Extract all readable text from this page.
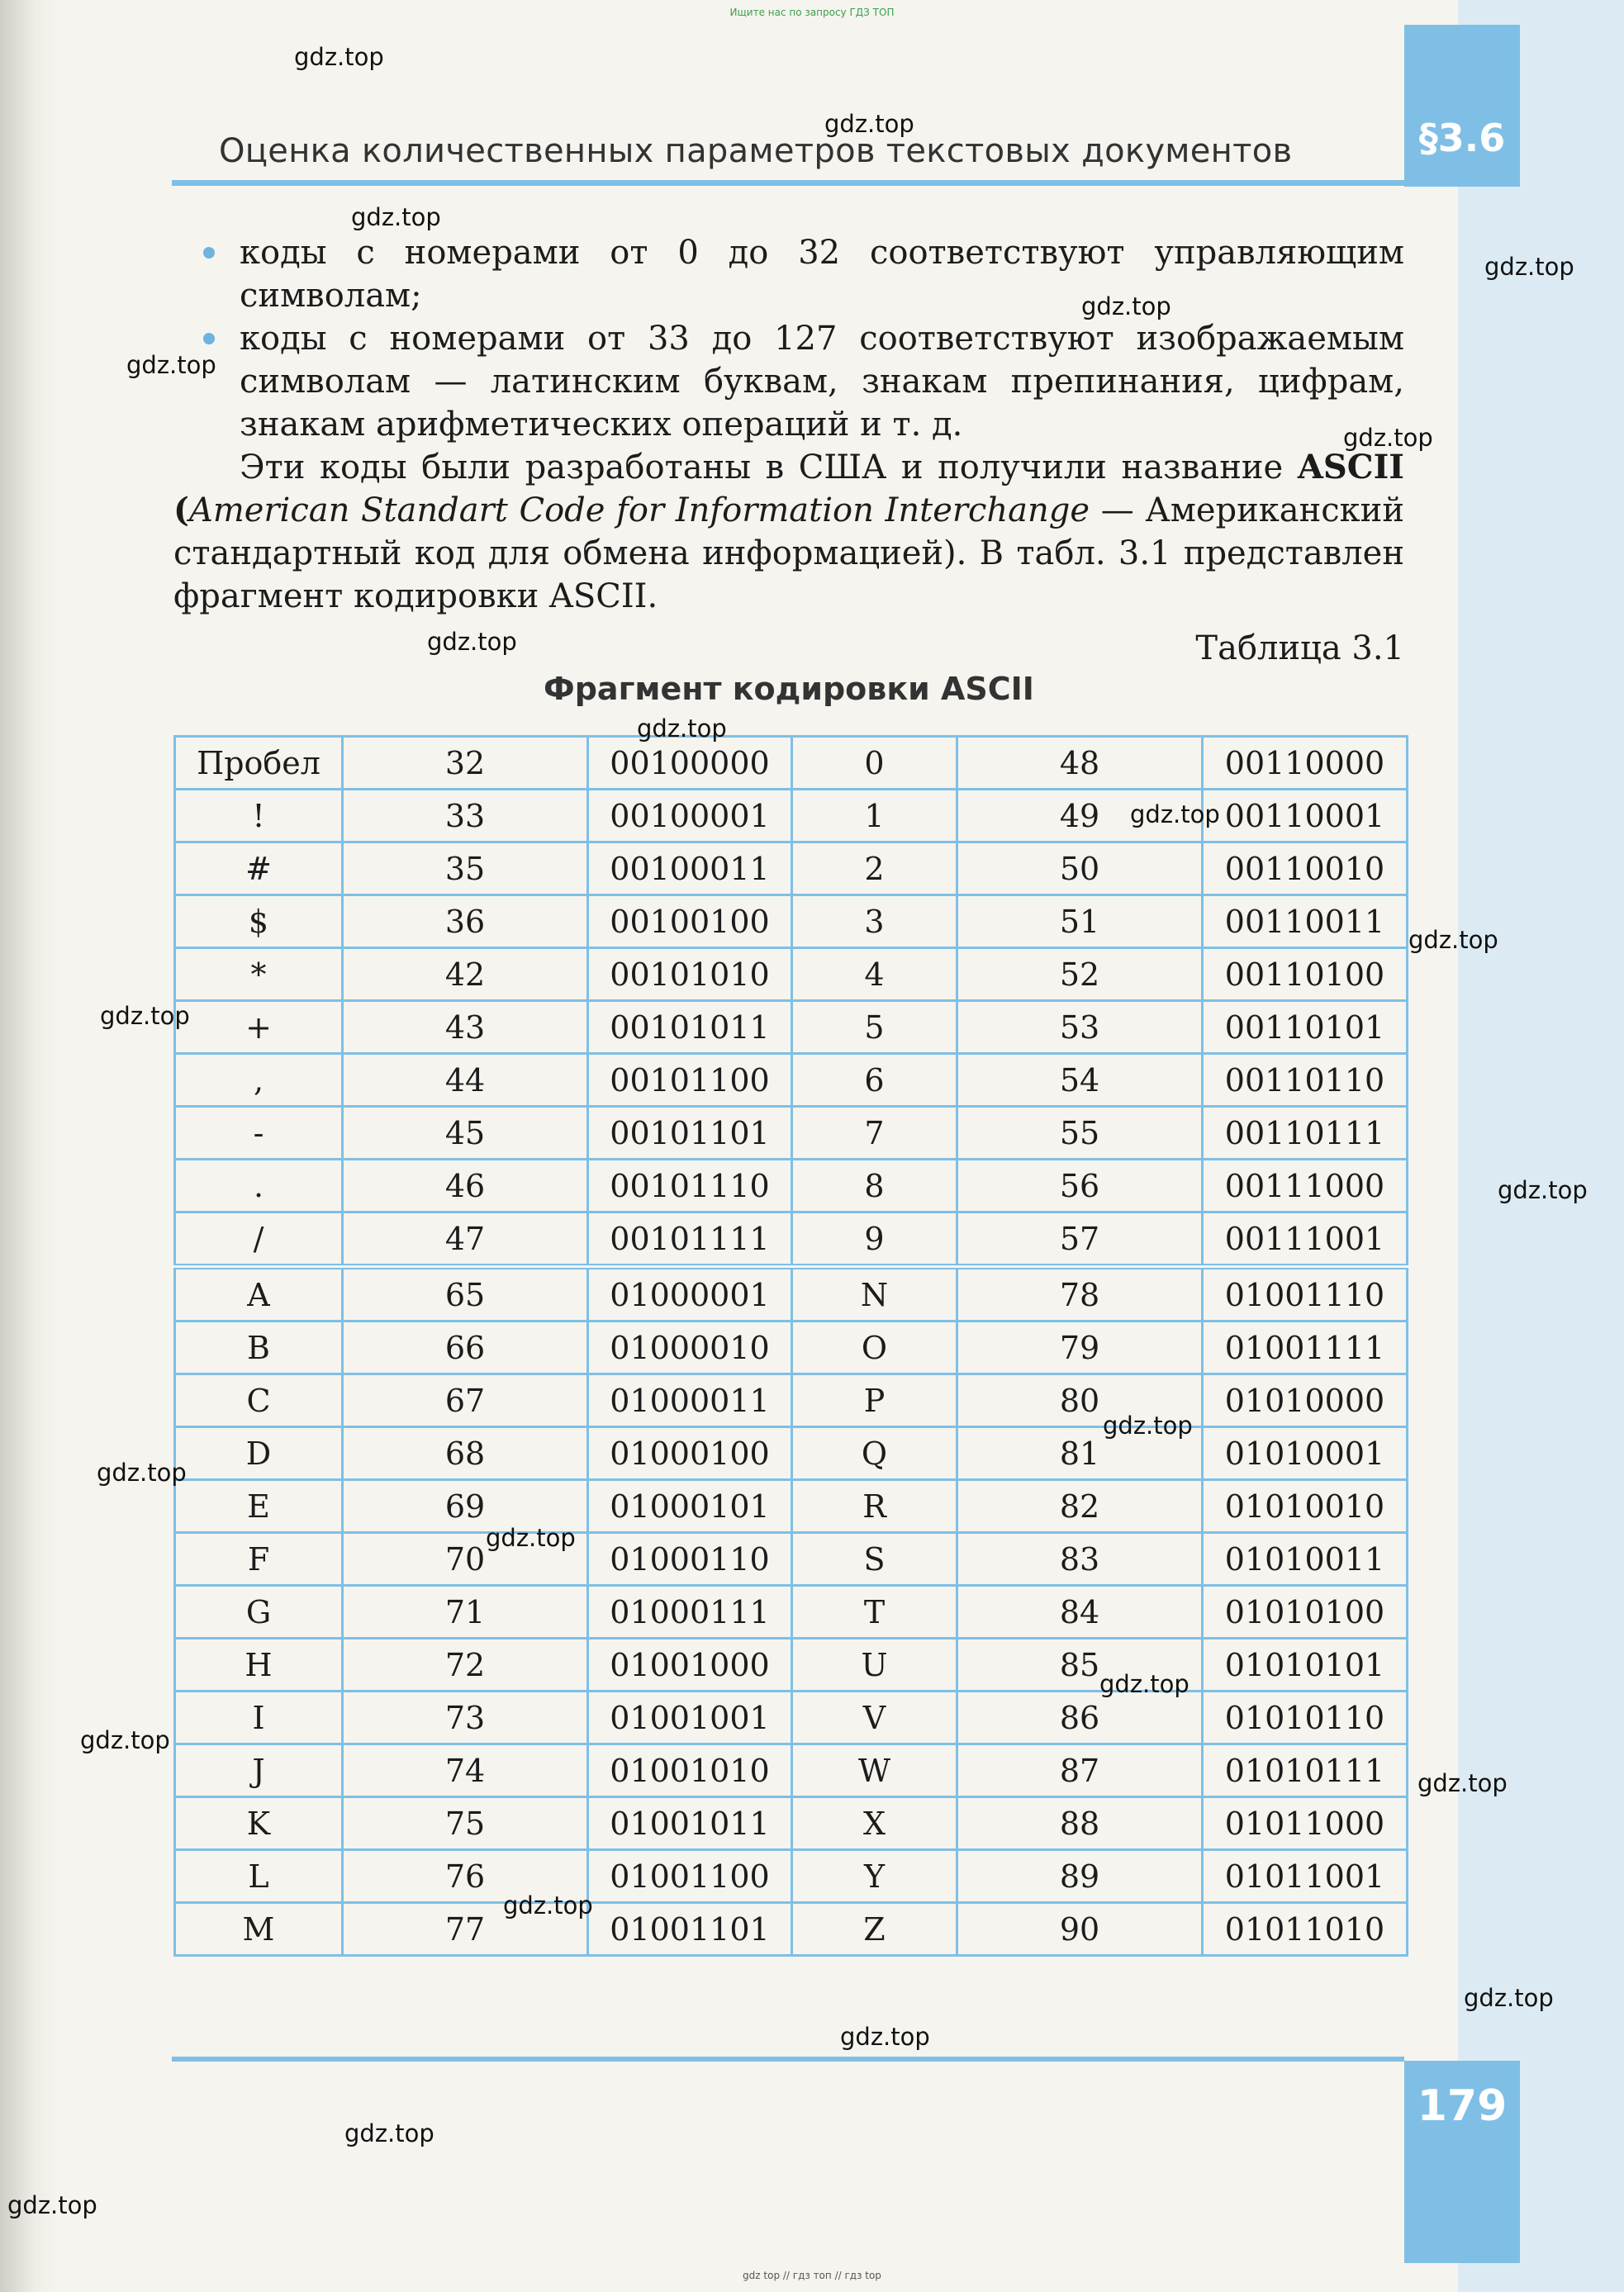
Ищите нас по запросу ГДЗ ТОП
§3.6
Оценка количественных параметров текстовых документов

коды с номерами от 0 до 32 соответствуют управляющим символам;

коды с номерами от 33 до 127 соответствуют изображаемым символам — латинским буквам, знакам препинания, цифрам, знакам арифметических операций и т. д.

Эти коды были разработаны в США и получили название ASCII (American Standart Code for Information Interchange — Американский стандартный код для обмена информацией). В табл. 3.1 представлен фрагмент кодировки ASCII.

Таблица 3.1
Фрагмент кодировки ASCII
Пробел	32	00100000	0	48	00110000
!	33	00100001	1	49	00110001
#	35	00100011	2	50	00110010
$	36	00100100	3	51	00110011
*	42	00101010	4	52	00110100
+	43	00101011	5	53	00110101
,	44	00101100	6	54	00110110
-	45	00101101	7	55	00110111
.	46	00101110	8	56	00111000
/	47	00101111	9	57	00111001
A	65	01000001	N	78	01001110
B	66	01000010	O	79	01001111
C	67	01000011	P	80	01010000
D	68	01000100	Q	81	01010001
E	69	01000101	R	82	01010010
F	70	01000110	S	83	01010011
G	71	01000111	T	84	01010100
H	72	01001000	U	85	01010101
I	73	01001001	V	86	01010110
J	74	01001010	W	87	01010111
K	75	01001011	X	88	01011000
L	76	01001100	Y	89	01011001
M	77	01001101	Z	90	01011010
179
gdz top // гдз топ // гдз top
gdz.top
gdz.top
gdz.top
gdz.top
gdz.top
gdz.top
gdz.top
gdz.top
gdz.top
gdz.top
gdz.top
gdz.top
gdz.top
gdz.top
gdz.top
gdz.top
gdz.top
gdz.top
gdz.top
gdz.top
gdz.top
gdz.top
gdz.top
gdz.top
